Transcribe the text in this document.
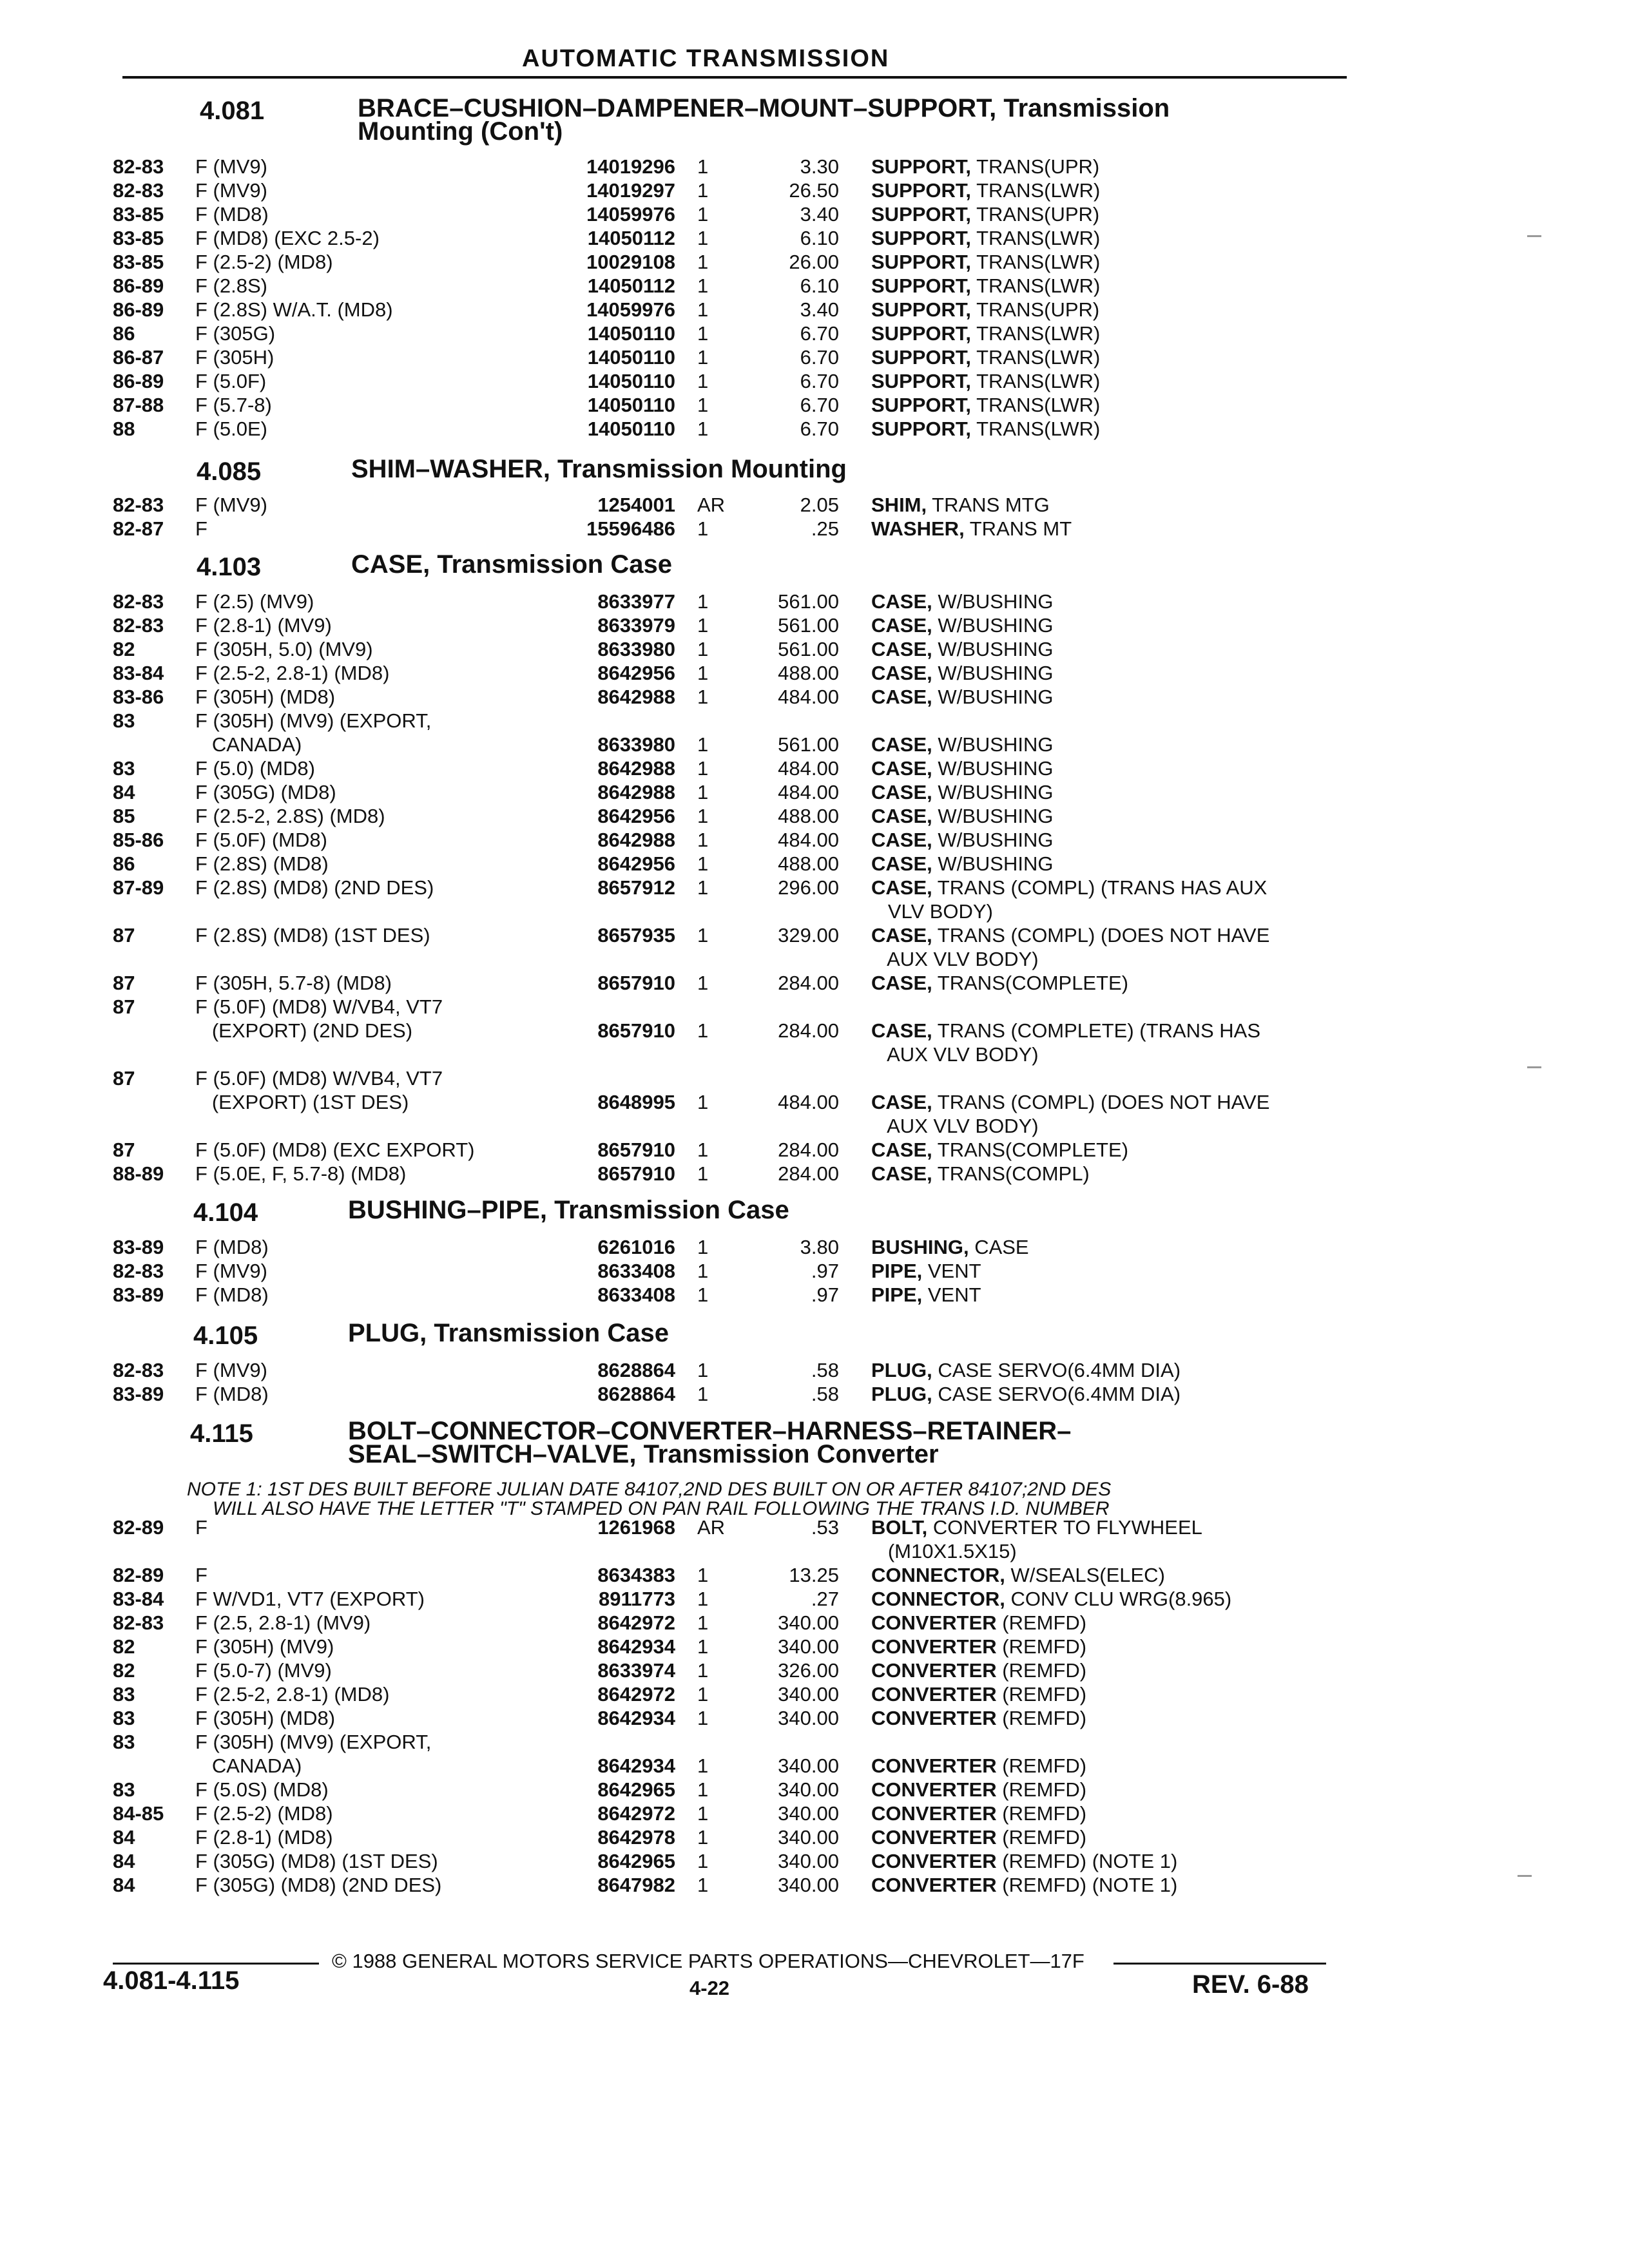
AUTOMATIC TRANSMISSION
4.081	BRACE–CUSHION–DAMPENER–MOUNT–SUPPORT, Transmission
Mounting (Con't)
82-83 F (MV9)	14019296 1	3.30 SUPPORT, TRANS(UPR)
82-83 F (MV9)	14019297 1	26.50 SUPPORT, TRANS(LWR)
83-85 F (MD8)	14059976 1	3.40 SUPPORT, TRANS(UPR)
83-85 F (MD8) (EXC 2.5-2)	14050112 1	6.10 SUPPORT, TRANS(LWR)
83-85 F (2.5-2) (MD8)	10029108 1	26.00 SUPPORT, TRANS(LWR)
86-89 F (2.8S)	14050112 1	6.10 SUPPORT, TRANS(LWR)
86-89 F (2.8S) W/A.T. (MD8)	14059976 1	3.40 SUPPORT, TRANS(UPR)
86	F (305G)	14050110 1	6.70 SUPPORT, TRANS(LWR)
86-87 F (305H)	14050110 1	6.70 SUPPORT, TRANS(LWR)
86-89 F (5.0F)	14050110 1	6.70 SUPPORT, TRANS(LWR)
87-88 F (5.7-8)	14050110 1	6.70 SUPPORT, TRANS(LWR)
88	F (5.0E)	14050110 1	6.70 SUPPORT, TRANS(LWR)
4.085	SHIM–WASHER, Transmission Mounting
82-83 F (MV9)	1254001 AR	2.05 SHIM, TRANS MTG
82-87 F	15596486 1	.25 WASHER, TRANS MT
4.103	CASE, Transmission Case
82-83 F (2.5) (MV9)	8633977 1	561.00 CASE, W/BUSHING
82-83 F (2.8-1) (MV9)	8633979 1	561.00 CASE, W/BUSHING
82	F (305H, 5.0) (MV9)	8633980 1	561.00 CASE, W/BUSHING
83-84 F (2.5-2, 2.8-1) (MD8)	8642956 1	488.00 CASE, W/BUSHING
83-86 F (305H) (MD8)	8642988 1	484.00 CASE, W/BUSHING
83	F (305H) (MV9) (EXPORT,
CANADA)	8633980 1	561.00 CASE, W/BUSHING
83	F (5.0) (MD8)	8642988 1	484.00 CASE, W/BUSHING
84	F (305G) (MD8)	8642988 1	484.00 CASE, W/BUSHING
85	F (2.5-2, 2.8S) (MD8)	8642956 1	488.00 CASE, W/BUSHING
85-86 F (5.0F) (MD8)	8642988 1	484.00 CASE, W/BUSHING
86	F (2.8S) (MD8)	8642956 1	488.00 CASE, W/BUSHING
87-89 F (2.8S) (MD8) (2ND DES)	8657912 1	296.00 CASE, TRANS (COMPL) (TRANS HAS AUX
VLV BODY)
87	F (2.8S) (MD8) (1ST DES)	8657935 1	329.00 CASE, TRANS (COMPL) (DOES NOT HAVE
AUX VLV BODY)
87	F (305H, 5.7-8) (MD8)	8657910 1	284.00 CASE, TRANS(COMPLETE)
87	F (5.0F) (MD8) W/VB4, VT7
(EXPORT) (2ND DES)	8657910 1	284.00 CASE, TRANS (COMPLETE) (TRANS HAS
AUX VLV BODY)
87	F (5.0F) (MD8) W/VB4, VT7
(EXPORT) (1ST DES)	8648995 1	484.00 CASE, TRANS (COMPL) (DOES NOT HAVE
AUX VLV BODY)
87	F (5.0F) (MD8) (EXC EXPORT)	8657910 1	284.00 CASE, TRANS(COMPLETE)
88-89 F (5.0E, F, 5.7-8) (MD8)	8657910 1	284.00 CASE, TRANS(COMPL)
4.104	BUSHING–PIPE, Transmission Case
83-89 F (MD8)	6261016 1	3.80 BUSHING, CASE
82-83 F (MV9)	8633408 1	.97 PIPE, VENT
83-89 F (MD8)	8633408 1	.97 PIPE, VENT
4.105	PLUG, Transmission Case
82-83 F (MV9)	8628864 1	.58 PLUG, CASE SERVO(6.4MM DIA)
83-89 F (MD8)	8628864 1	.58 PLUG, CASE SERVO(6.4MM DIA)
4.115	BOLT–CONNECTOR–CONVERTER–HARNESS–RETAINER–
SEAL–SWITCH–VALVE, Transmission Converter
NOTE 1: 1ST DES BUILT BEFORE JULIAN DATE 84107,2ND DES BUILT ON OR AFTER 84107;2ND DES
WILL ALSO HAVE THE LETTER "T" STAMPED ON PAN RAIL FOLLOWING THE TRANS I.D. NUMBER
82-89 F	1261968 AR	.53 BOLT, CONVERTER TO FLYWHEEL
(M10X1.5X15)
82-89 F	8634383 1	13.25 CONNECTOR, W/SEALS(ELEC)
83-84 F W/VD1, VT7 (EXPORT)	8911773 1	.27 CONNECTOR, CONV CLU WRG(8.965)
82-83 F (2.5, 2.8-1) (MV9)	8642972 1	340.00 CONVERTER (REMFD)
82	F (305H) (MV9)	8642934 1	340.00 CONVERTER (REMFD)
82	F (5.0-7) (MV9)	8633974 1	326.00 CONVERTER (REMFD)
83	F (2.5-2, 2.8-1) (MD8)	8642972 1	340.00 CONVERTER (REMFD)
83	F (305H) (MD8)	8642934 1	340.00 CONVERTER (REMFD)
83	F (305H) (MV9) (EXPORT,
CANADA)	8642934 1	340.00 CONVERTER (REMFD)
83	F (5.0S) (MD8)	8642965 1	340.00 CONVERTER (REMFD)
84-85 F (2.5-2) (MD8)	8642972 1	340.00 CONVERTER (REMFD)
84	F (2.8-1) (MD8)	8642978 1	340.00 CONVERTER (REMFD)
84	F (305G) (MD8) (1ST DES)	8642965 1	340.00 CONVERTER (REMFD) (NOTE 1)
84	F (305G) (MD8) (2ND DES)	8647982 1	340.00 CONVERTER (REMFD) (NOTE 1)
© 1988 GENERAL MOTORS SERVICE PARTS OPERATIONS—CHEVROLET—17F
4.081-4.115	4-22	REV. 6-88
